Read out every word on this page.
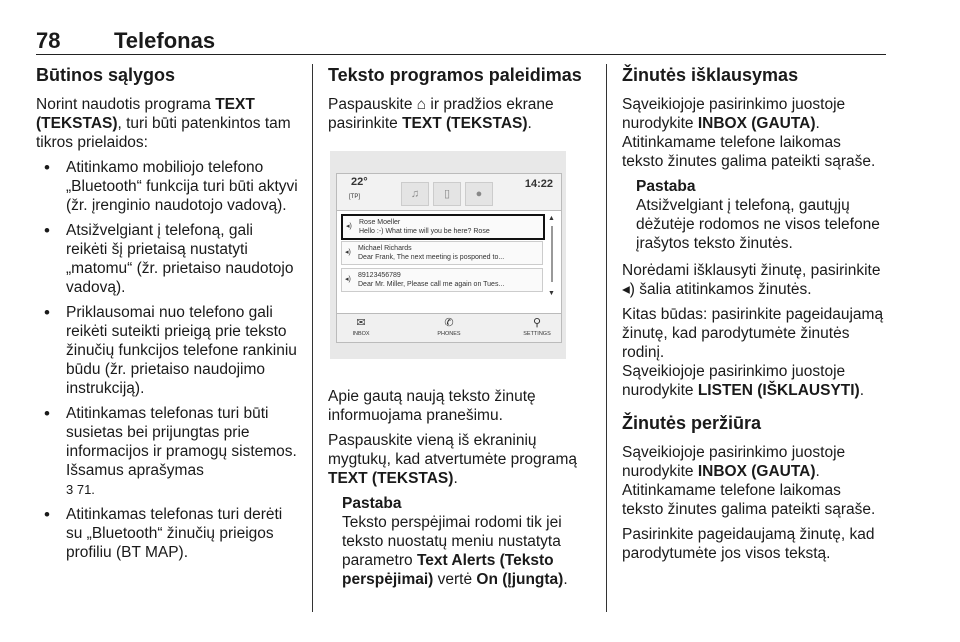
78 Telefonas
Būtinos sąlygos

Norint naudotis programa TEXT (TEKSTAS), turi būti patenkintos tam tikros prielaidos:

• Atitinkamo mobiliojo telefono „Bluetooth“ funkcija turi būti aktyvi (žr. įrenginio naudotojo vadovą).
• Atsižvelgiant į telefoną, gali reikėti šį prietaisą nustatyti „matomu“ (žr. prietaiso naudotojo vadovą).
• Priklausomai nuo telefono gali reikėti suteikti prieigą prie teksto žinučių funkcijos telefone rankiniu būdu (žr. prietaiso naudojimo instrukciją).
• Atitinkamas telefonas turi būti susietas bei prijungtas prie informacijos ir pramogų sistemos. Išsamus aprašymas
3 71.
• Atitinkamas telefonas turi derėti su „Bluetooth“ žinučių prieigos profiliu (BT MAP).
Teksto programos paleidimas

Paspauskite ⌂ ir pradžios ekrane pasirinkite TEXT (TEKSTAS).

22°
[TP]	♫	▯	●
14:22
◂)
Rose Moeller
Hello :-) What time will you be here? Rose
◂)
Michael Richards
Dear Frank, The next meeting is posponed to...
◂)
89123456789
Dear Mr. Miller, Please call me again on Tues...
▲
▼
✉
INBOX
✆
PHONES
⚲
SETTINGS

Apie gautą naują teksto žinutę informuojama pranešimu.

Paspauskite vieną iš ekraninių mygtukų, kad atvertumėte programą TEXT (TEKSTAS).

Pastaba
Teksto perspėjimai rodomi tik jei teksto nuostatų meniu nustatyta parametro Text Alerts (Teksto perspėjimai) vertė On (Įjungta).
Žinutės išklausymas

Sąveikiojoje pasirinkimo juostoje nurodykite INBOX (GAUTA).
Atitinkamame telefone laikomas teksto žinutes galima pateikti sąraše.

Pastaba
Atsižvelgiant į telefoną, gautųjų dėžutėje rodomos ne visos telefone įrašytos teksto žinutės.

Norėdami išklausyti žinutę, pasirinkite ◂) šalia atitinkamos žinutės.

Kitas būdas: pasirinkite pageidaujamą žinutę, kad parodytumėte žinutės rodinį.
Sąveikiojoje pasirinkimo juostoje nurodykite LISTEN (IŠKLAUSYTI).

Žinutės peržiūra

Sąveikiojoje pasirinkimo juostoje nurodykite INBOX (GAUTA).
Atitinkamame telefone laikomas teksto žinutes galima pateikti sąraše.

Pasirinkite pageidaujamą žinutę, kad parodytumėte jos visos tekstą.
